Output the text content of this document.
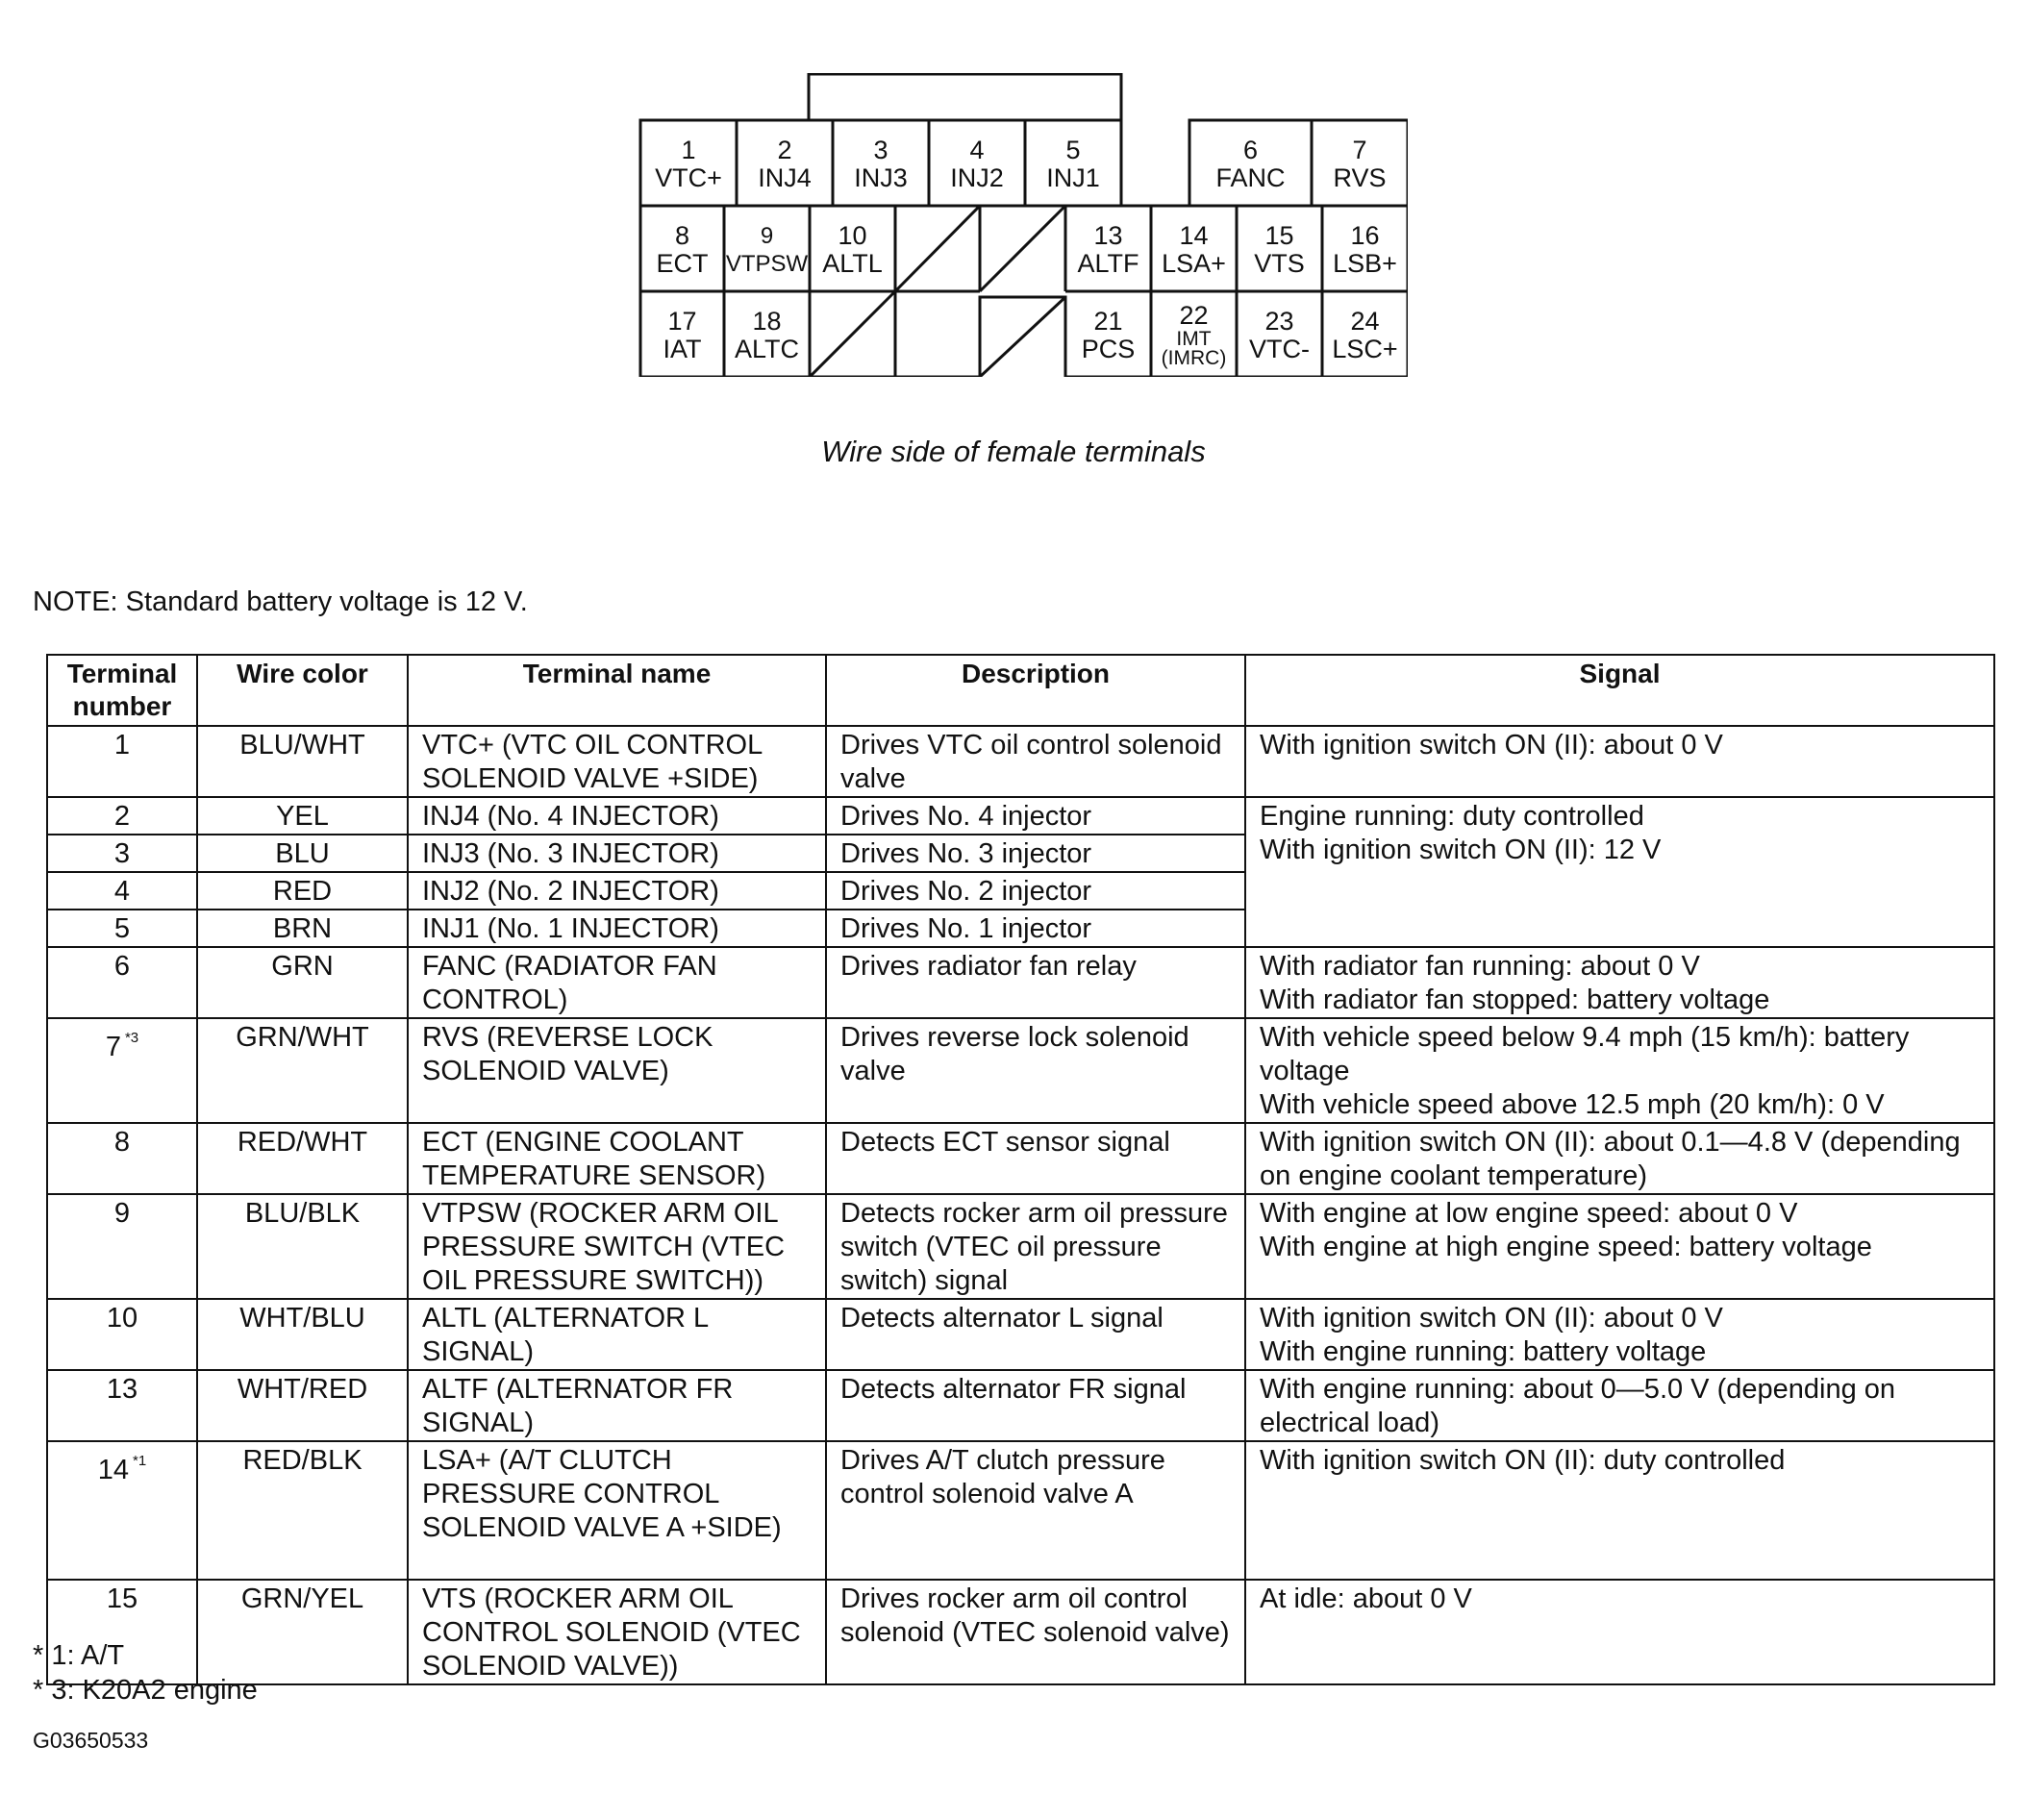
1
VTC+
2
INJ4
3
INJ3
4
INJ2
5
INJ1
6
FANC
7
RVS
8
ECT
9
VTPSW
10
ALTL
13
ALTF
14
LSA+
15
VTS
16
LSB+
17
IAT
18
ALTC
21
PCS
22
IMT (IMRC)
23
VTC-
24
LSC+
Wire side of female terminals
NOTE: Standard battery voltage is 12 V.
Terminal number	Wire color	Terminal name	Description	Signal
1	BLU/WHT	VTC+ (VTC OIL CONTROL SOLENOID VALVE +SIDE)	Drives VTC oil control solenoid valve	With ignition switch ON (II): about 0 V
2	YEL	INJ4 (No. 4 INJECTOR)	Drives No. 4 injector	Engine running: duty controlled
With ignition switch ON (II): 12 V
3	BLU	INJ3 (No. 3 INJECTOR)	Drives No. 3 injector	
4	RED	INJ2 (No. 2 INJECTOR)	Drives No. 2 injector	
5	BRN	INJ1 (No. 1 INJECTOR)	Drives No. 1 injector	
6	GRN	FANC (RADIATOR FAN CONTROL)	Drives radiator fan relay	With radiator fan running: about 0 V
With radiator fan stopped: battery voltage
7 $^{*3}$	GRN/WHT	RVS (REVERSE LOCK SOLENOID VALVE)	Drives reverse lock solenoid valve	With vehicle speed below 9.4 mph (15 km/h): battery voltage
With vehicle speed above 12.5 mph (20 km/h): 0 V
8	RED/WHT	ECT (ENGINE COOLANT TEMPERATURE SENSOR)	Detects ECT sensor signal	With ignition switch ON (II): about 0.1—4.8 V (depending on engine coolant temperature)
9	BLU/BLK	VTPSW (ROCKER ARM OIL PRESSURE SWITCH (VTEC OIL PRESSURE SWITCH))	Detects rocker arm oil pressure switch (VTEC oil pressure switch) signal	With engine at low engine speed: about 0 V
With engine at high engine speed: battery voltage
10	WHT/BLU	ALTL (ALTERNATOR L SIGNAL)	Detects alternator L signal	With ignition switch ON (II): about 0 V
With engine running: battery voltage
13	WHT/RED	ALTF (ALTERNATOR FR SIGNAL)	Detects alternator FR signal	With engine running: about 0—5.0 V (depending on electrical load)
14 $^{*1}$	RED/BLK	LSA+ (A/T CLUTCH PRESSURE CONTROL SOLENOID VALVE A +SIDE)	Drives A/T clutch pressure control solenoid valve A	With ignition switch ON (II): duty controlled
15	GRN/YEL	VTS (ROCKER ARM OIL CONTROL SOLENOID (VTEC SOLENOID VALVE))	Drives rocker arm oil control solenoid (VTEC solenoid valve)	At idle: about 0 V
* 1: A/T
* 3: K20A2 engine
G03650533
